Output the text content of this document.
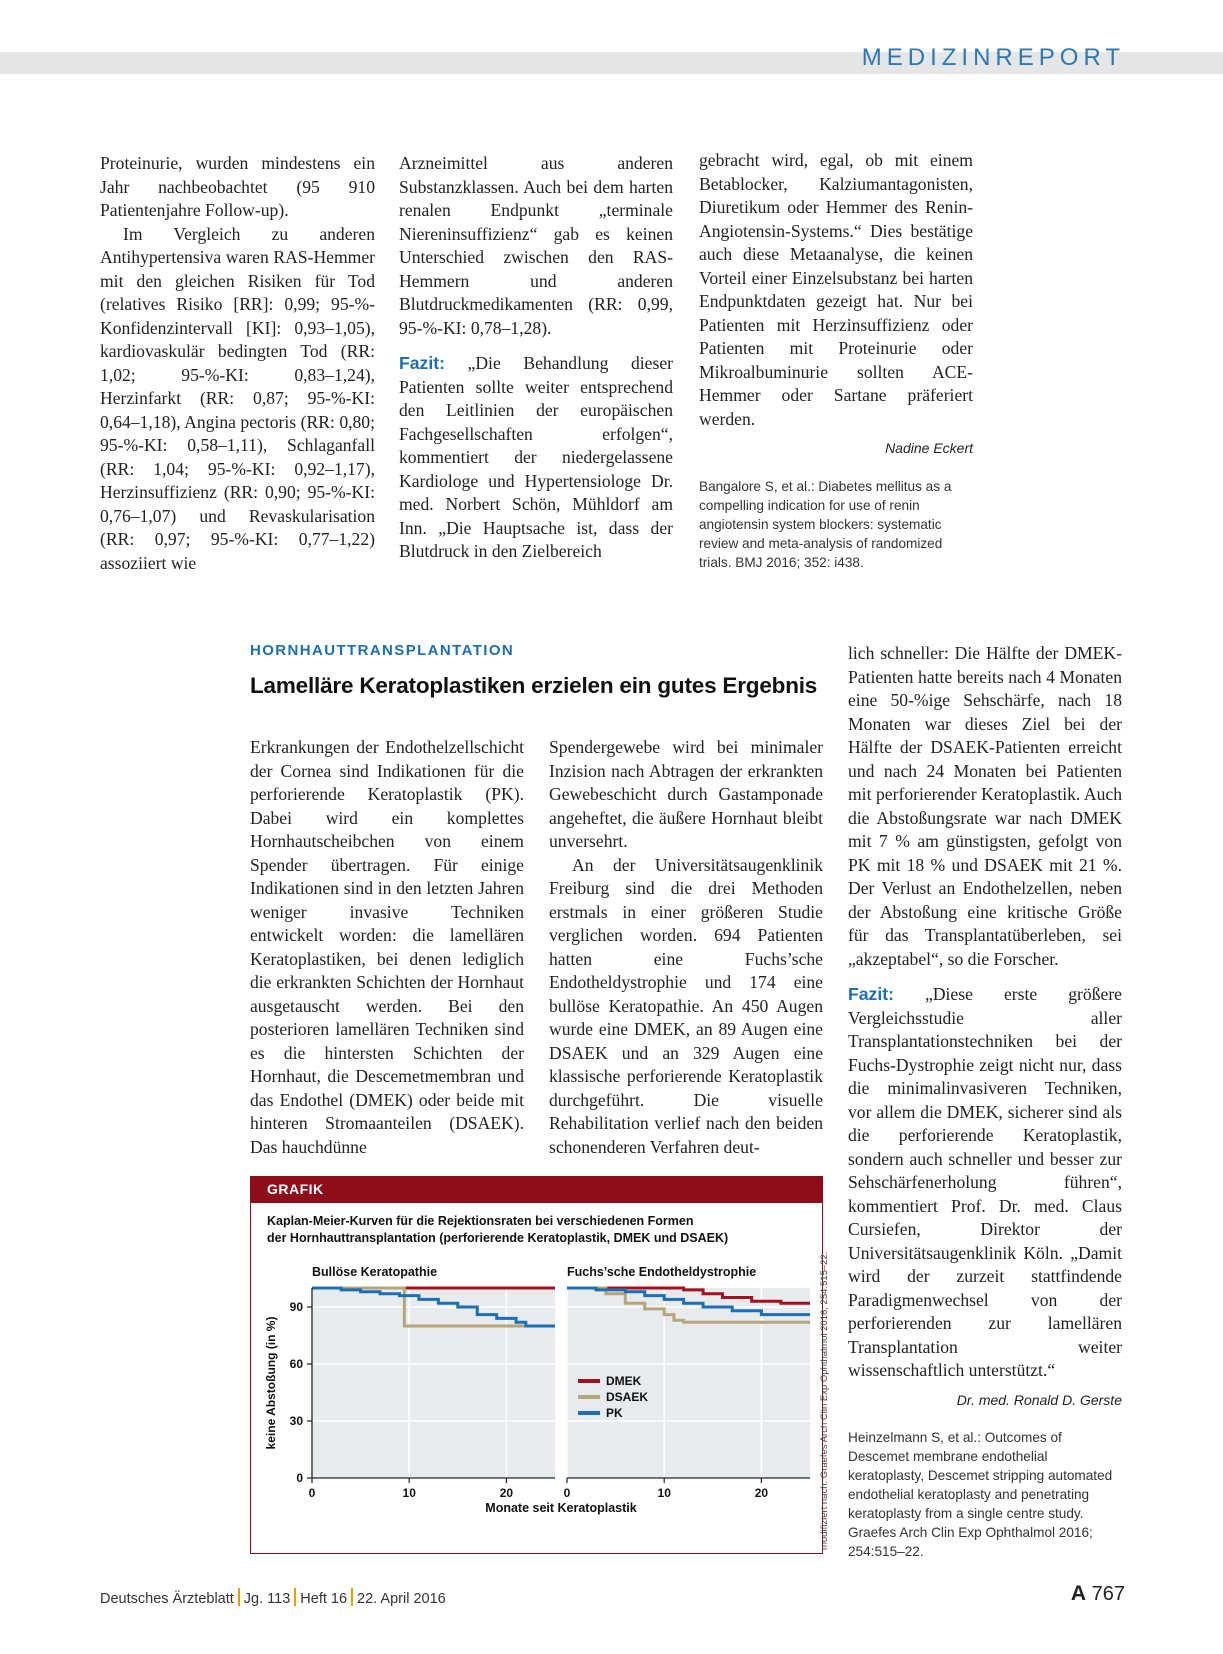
MEDIZINREPORT

Proteinurie, wurden mindestens ein Jahr nachbeobachtet (95 910 Patientenjahre Follow-up).

Im Vergleich zu anderen Antihypertensiva waren RAS-Hemmer mit den gleichen Risiken für Tod (relatives Risiko [RR]: 0,99; 95-%-Konfidenzintervall [KI]: 0,93–1,05), kardiovaskulär bedingten Tod (RR: 1,02; 95-%-KI: 0,83–1,24), Herzinfarkt (RR: 0,87; 95-%-KI: 0,64–1,18), Angina pectoris (RR: 0,80; 95-%-KI: 0,58–1,11), Schlaganfall (RR: 1,04; 95-%-KI: 0,92–1,17), Herzinsuffizienz (RR: 0,90; 95-%-KI: 0,76–1,07) und Revaskularisation (RR: 0,97; 95-%-KI: 0,77–1,22) assoziiert wie

Arzneimittel aus anderen Substanzklassen. Auch bei dem harten renalen Endpunkt „terminale Niereninsuffizienz“ gab es keinen Unterschied zwischen den RAS-Hemmern und anderen Blutdruckmedikamenten (RR: 0,99, 95-%-KI: 0,78–1,28).

Fazit: „Die Behandlung dieser Patienten sollte weiter entsprechend den Leitlinien der europäischen Fachgesellschaften erfolgen“, kommentiert der niedergelassene Kardiologe und Hypertensiologe Dr. med. Norbert Schön, Mühldorf am Inn. „Die Hauptsache ist, dass der Blutdruck in den Zielbereich

gebracht wird, egal, ob mit einem Betablocker, Kalziumantagonisten, Diuretikum oder Hemmer des Renin-Angiotensin-Systems.“ Dies bestätige auch diese Metaanalyse, die keinen Vorteil einer Einzelsubstanz bei harten Endpunktdaten gezeigt hat. Nur bei Patienten mit Herzinsuffizienz oder Patienten mit Proteinurie oder Mikroalbuminurie sollten ACE-Hemmer oder Sartane präferiert werden.

Nadine Eckert
Bangalore S, et al.: Diabetes mellitus as a compelling indication for use of renin angiotensin system blockers: systematic review and meta-analysis of randomized trials. BMJ 2016; 352: i438.
HORNHAUTTRANSPLANTATION
Lamelläre Keratoplastiken erzielen ein gutes Ergebnis

Erkrankungen der Endothelzellschicht der Cornea sind Indikationen für die perforierende Keratoplastik (PK). Dabei wird ein komplettes Hornhautscheibchen von einem Spender übertragen. Für einige Indikationen sind in den letzten Jahren weniger invasive Techniken entwickelt worden: die lamellären Keratoplastiken, bei denen lediglich die erkrankten Schichten der Hornhaut ausgetauscht werden. Bei den posterioren lamellären Techniken sind es die hintersten Schichten der Hornhaut, die Descemetmembran und das Endothel (DMEK) oder beide mit hinteren Stromaanteilen (DSAEK). Das hauchdünne

Spendergewebe wird bei minimaler Inzision nach Abtragen der erkrankten Gewebeschicht durch Gastamponade angeheftet, die äußere Hornhaut bleibt unversehrt.

An der Universitätsaugenklinik Freiburg sind die drei Methoden erstmals in einer größeren Studie verglichen worden. 694 Patienten hatten eine Fuchs’sche Endotheldystrophie und 174 eine bullöse Keratopathie. An 450 Augen wurde eine DMEK, an 89 Augen eine DSAEK und an 329 Augen eine klassische perforierende Keratoplastik durchgeführt. Die visuelle Rehabilitation verlief nach den beiden schonenderen Verfahren deut-

lich schneller: Die Hälfte der DMEK-Patienten hatte bereits nach 4 Monaten eine 50-%ige Sehschärfe, nach 18 Monaten war dieses Ziel bei der Hälfte der DSAEK-Patienten erreicht und nach 24 Monaten bei Patienten mit perforierender Keratoplastik. Auch die Abstoßungsrate war nach DMEK mit 7 % am günstigsten, gefolgt von PK mit 18 % und DSAEK mit 21 %. Der Verlust an Endothelzellen, neben der Abstoßung eine kritische Größe für das Transplantatüberleben, sei „akzeptabel“, so die Forscher.

Fazit: „Diese erste größere Vergleichsstudie aller Transplantationstechniken bei der Fuchs-Dystrophie zeigt nicht nur, dass die minimalinvasiveren Techniken, vor allem die DMEK, sicherer sind als die perforierende Keratoplastik, sondern auch schneller und besser zur Sehschärfenerholung führen“, kommentiert Prof. Dr. med. Claus Cursiefen, Direktor der Universitätsaugenklinik Köln. „Damit wird der zurzeit stattfindende Paradigmenwechsel von der perforierenden zur lamellären Transplantation weiter wissenschaftlich unterstützt.“

Dr. med. Ronald D. Gerste
Heinzelmann S, et al.: Outcomes of Descemet membrane endothelial keratoplasty, Descemet stripping automated endothelial keratoplasty and penetrating keratoplasty from a single centre study. Graefes Arch Clin Exp Ophthalmol 2016; 254:515–22.
GRAFIK
Kaplan-Meier-Kurven für die Rejektionsraten bei verschiedenen Formen
der Hornhauttransplantation (perforierende Keratoplastik, DMEK und DSAEK)
Bullöse Keratopathie
0	10	20
Fuchs’sche Endotheldystrophie
0	10	20
0
30
60
90
keine Abstoßung (in %)
Monate seit Keratoplastik
DMEK
DSAEK
PK	modifiziert nach: Graefes Arch Clin Exp Ophthalmol 2016; 254:515–22.
Deutsches Ärzteblatt Jg. 113 Heft 16 22. April 2016	A 767
